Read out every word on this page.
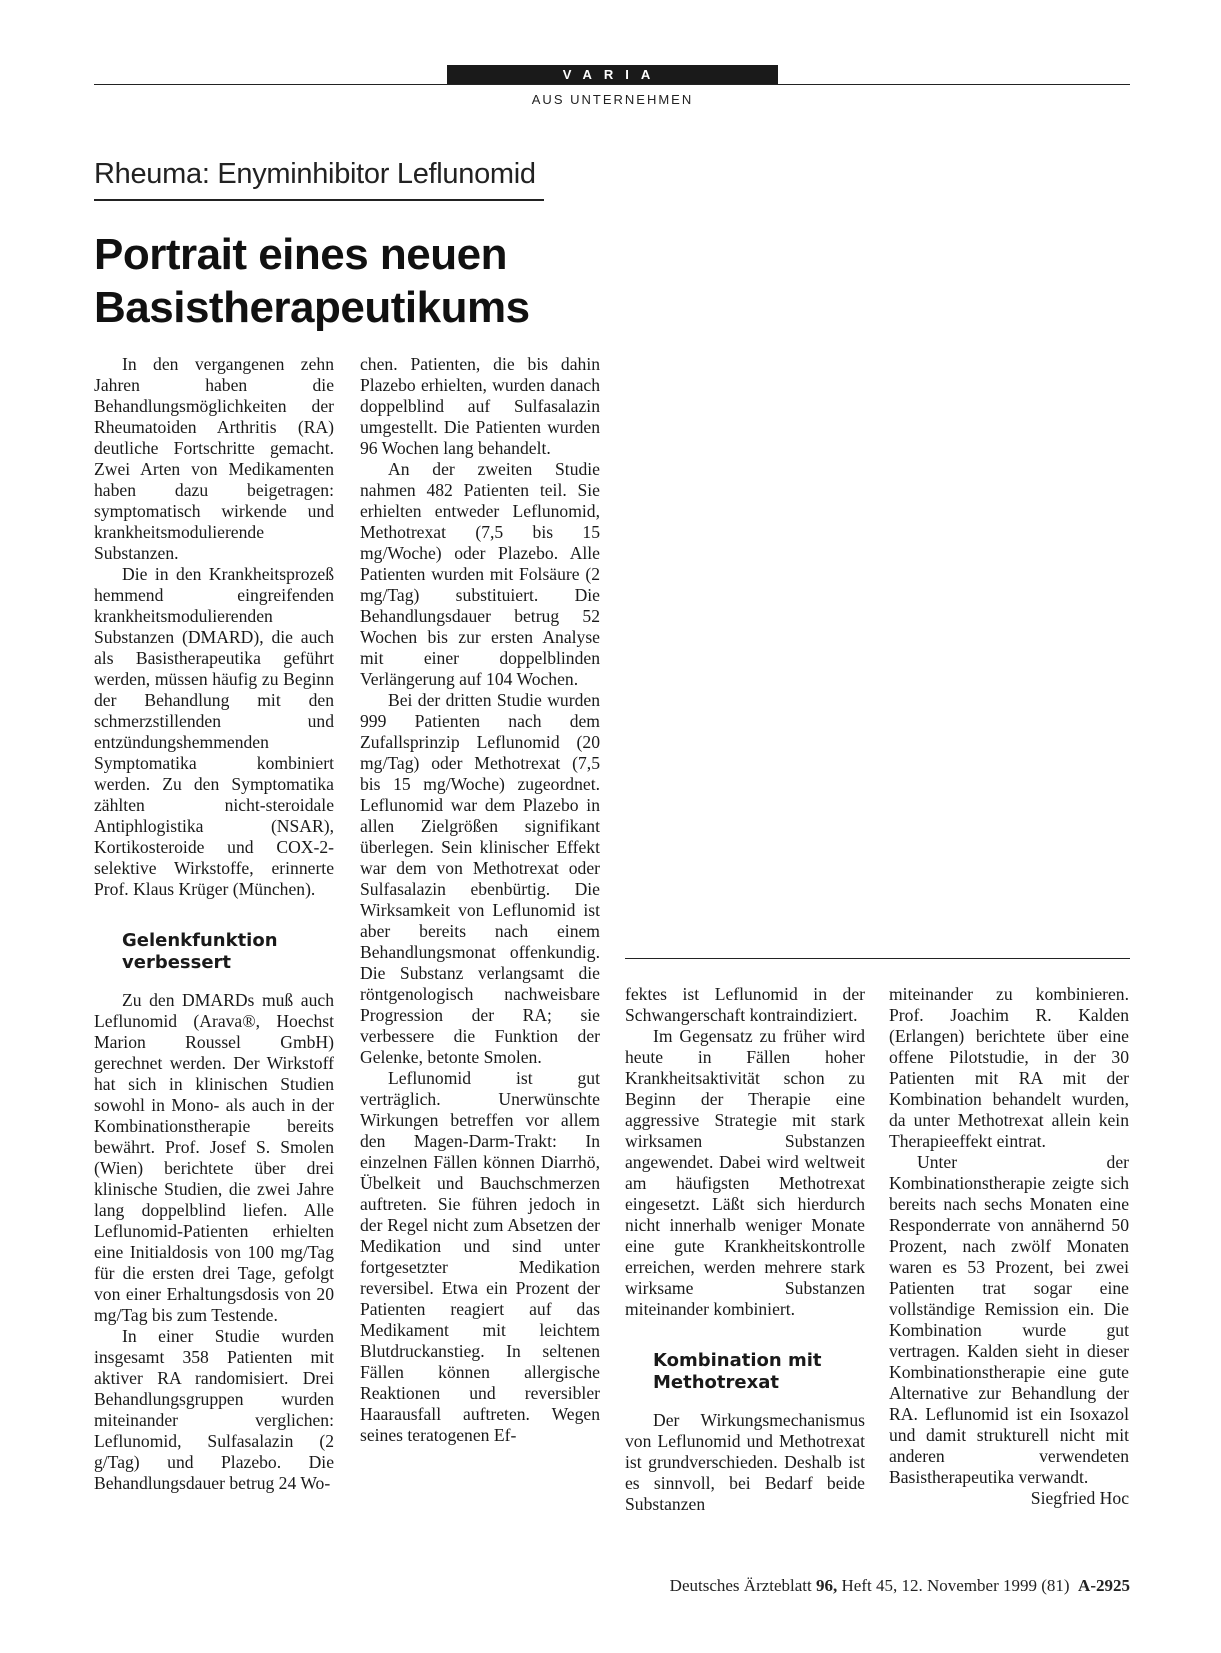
VARIA
AUS UNTERNEHMEN
Rheuma: Enyminhibitor Leflunomid
Portrait eines neuen Basistherapeutikums

In den vergangenen zehn Jahren haben die Behandlungsmöglichkeiten der Rheumatoiden Arthritis (RA) deutliche Fortschritte gemacht. Zwei Arten von Medikamenten haben dazu beigetragen: symptomatisch wirkende und krankheitsmodulierende Substanzen.

Die in den Krankheitsprozeß hemmend eingreifenden krankheitsmodulierenden Substanzen (DMARD), die auch als Basistherapeutika geführt werden, müssen häufig zu Beginn der Behandlung mit den schmerzstillenden und entzündungshemmenden Symptomatika kombiniert werden. Zu den Symptomatika zählten nicht-steroidale Antiphlogistika (NSAR), Kortikosteroide und COX-2-selektive Wirkstoffe, erinnerte Prof. Klaus Krüger (München).

Gelenkfunktion verbessert

Zu den DMARDs muß auch Leflunomid (Arava®, Hoechst Marion Roussel GmbH) gerechnet werden. Der Wirkstoff hat sich in klinischen Studien sowohl in Mono- als auch in der Kombinationstherapie bereits bewährt. Prof. Josef S. Smolen (Wien) berichtete über drei klinische Studien, die zwei Jahre lang doppelblind liefen. Alle Leflunomid-Patienten erhielten eine Initialdosis von 100 mg/Tag für die ersten drei Tage, gefolgt von einer Erhaltungsdosis von 20 mg/Tag bis zum Testende.

In einer Studie wurden insgesamt 358 Patienten mit aktiver RA randomisiert. Drei Behandlungsgruppen wurden miteinander verglichen: Leflunomid, Sulfasalazin (2 g/Tag) und Plazebo. Die Behandlungsdauer betrug 24 Wo-

chen. Patienten, die bis dahin Plazebo erhielten, wurden danach doppelblind auf Sulfasalazin umgestellt. Die Patienten wurden 96 Wochen lang behandelt.

An der zweiten Studie nahmen 482 Patienten teil. Sie erhielten entweder Leflunomid, Methotrexat (7,5 bis 15 mg/Woche) oder Plazebo. Alle Patienten wurden mit Folsäure (2 mg/Tag) substituiert. Die Behandlungsdauer betrug 52 Wochen bis zur ersten Analyse mit einer doppelblinden Verlängerung auf 104 Wochen.

Bei der dritten Studie wurden 999 Patienten nach dem Zufallsprinzip Leflunomid (20 mg/Tag) oder Methotrexat (7,5 bis 15 mg/Woche) zugeordnet. Leflunomid war dem Plazebo in allen Zielgrößen signifikant überlegen. Sein klinischer Effekt war dem von Methotrexat oder Sulfasalazin ebenbürtig. Die Wirksamkeit von Leflunomid ist aber bereits nach einem Behandlungsmonat offenkundig. Die Substanz verlangsamt die röntgenologisch nachweisbare Progression der RA; sie verbessere die Funktion der Gelenke, betonte Smolen.

Leflunomid ist gut verträglich. Unerwünschte Wirkungen betreffen vor allem den Magen-Darm-Trakt: In einzelnen Fällen können Diarrhö, Übelkeit und Bauchschmerzen auftreten. Sie führen jedoch in der Regel nicht zum Absetzen der Medikation und sind unter fortgesetzter Medikation reversibel. Etwa ein Prozent der Patienten reagiert auf das Medikament mit leichtem Blutdruckanstieg. In seltenen Fällen können allergische Reaktionen und reversibler Haarausfall auftreten. Wegen seines teratogenen Ef-

fektes ist Leflunomid in der Schwangerschaft kontraindiziert.

Im Gegensatz zu früher wird heute in Fällen hoher Krankheitsaktivität schon zu Beginn der Therapie eine aggressive Strategie mit stark wirksamen Substanzen angewendet. Dabei wird weltweit am häufigsten Methotrexat eingesetzt. Läßt sich hierdurch nicht innerhalb weniger Monate eine gute Krankheitskontrolle erreichen, werden mehrere stark wirksame Substanzen miteinander kombiniert.

Kombination mit Methotrexat

Der Wirkungsmechanismus von Leflunomid und Methotrexat ist grundverschieden. Deshalb ist es sinnvoll, bei Bedarf beide Substanzen

miteinander zu kombinieren. Prof. Joachim R. Kalden (Erlangen) berichtete über eine offene Pilotstudie, in der 30 Patienten mit RA mit der Kombination behandelt wurden, da unter Methotrexat allein kein Therapieeffekt eintrat.

Unter der Kombinationstherapie zeigte sich bereits nach sechs Monaten eine Responderrate von annähernd 50 Prozent, nach zwölf Monaten waren es 53 Prozent, bei zwei Patienten trat sogar eine vollständige Remission ein. Die Kombination wurde gut vertragen. Kalden sieht in dieser Kombinationstherapie eine gute Alternative zur Behandlung der RA. Leflunomid ist ein Isoxazol und damit strukturell nicht mit anderen verwendeten Basistherapeutika verwandt.
Siegfried Hoc

Deutsches Ärzteblatt 96, Heft 45, 12. November 1999 (81) A-2925
